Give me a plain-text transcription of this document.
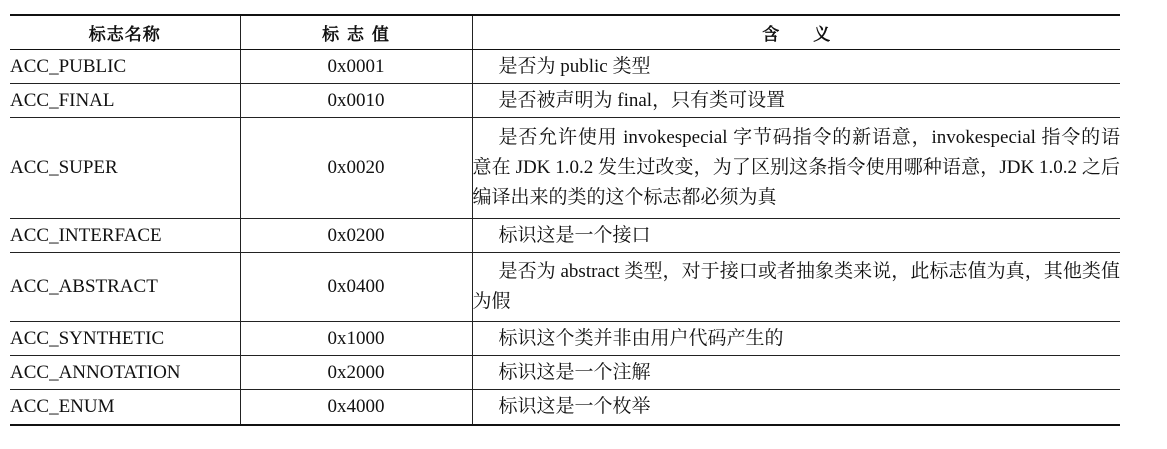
标志名称	标 志 值	含　　义
ACC_PUBLIC	0x0001	是否为 public 类型
ACC_FINAL	0x0010	是否被声明为 final，只有类可设置
ACC_SUPER	0x0020	是否允许使用 invokespecial 字节码指令的新语意，invokespecial 指令的语意在 JDK 1.0.2 发生过改变，为了区别这条指令使用哪种语意，JDK 1.0.2 之后编译出来的类的这个标志都必须为真
ACC_INTERFACE	0x0200	标识这是一个接口
ACC_ABSTRACT	0x0400	是否为 abstract 类型，对于接口或者抽象类来说，此标志值为真，其他类值为假
ACC_SYNTHETIC	0x1000	标识这个类并非由用户代码产生的
ACC_ANNOTATION	0x2000	标识这是一个注解
ACC_ENUM	0x4000	标识这是一个枚举
